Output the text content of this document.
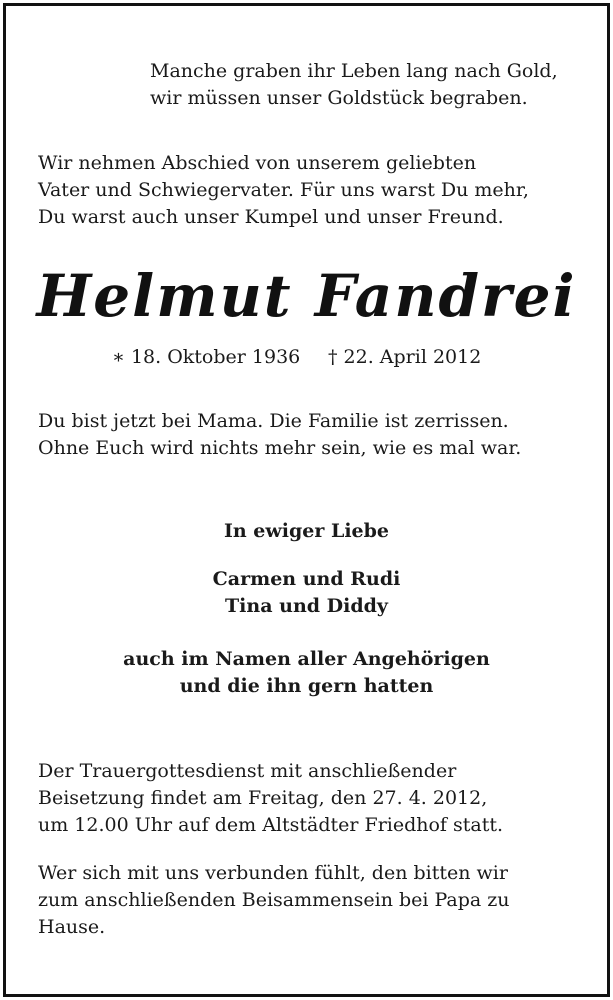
Manche graben ihr Leben lang nach Gold,
wir müssen unser Goldstück begraben.
Wir nehmen Abschied von unserem geliebten
Vater und Schwiegervater. Für uns warst Du mehr,
Du warst auch unser Kumpel und unser Freund.
Helmut Fandrei
∗ 18. Oktober 1936 † 22. April 2012
Du bist jetzt bei Mama. Die Familie ist zerrissen.
Ohne Euch wird nichts mehr sein, wie es mal war.
In ewiger Liebe
Carmen und Rudi
Tina und Diddy
auch im Namen aller Angehörigen
und die ihn gern hatten
Der Trauergottesdienst mit anschließender
Beisetzung findet am Freitag, den 27. 4. 2012,
um 12.00 Uhr auf dem Altstädter Friedhof statt.
Wer sich mit uns verbunden fühlt, den bitten wir
zum anschließenden Beisammensein bei Papa zu
Hause.
